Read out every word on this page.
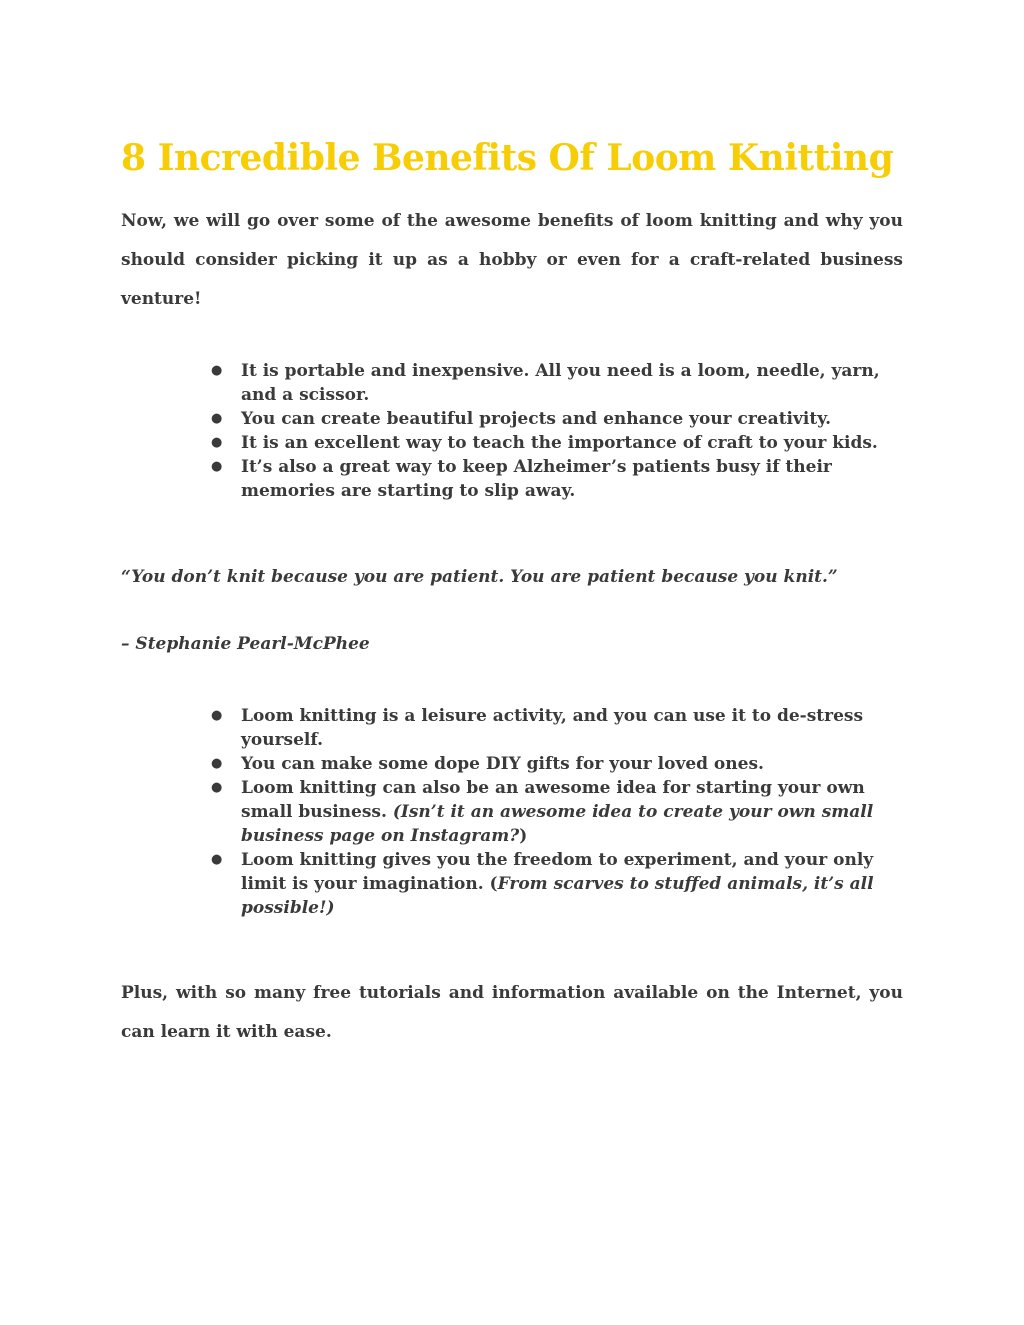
8 Incredible Benefits Of Loom Knitting

Now, we will go over some of the awesome benefits of loom knitting and why you should consider picking it up as a hobby or even for a craft-related business venture!

● It is portable and inexpensive. All you need is a loom, needle, yarn, and a scissor.
● You can create beautiful projects and enhance your creativity.
● It is an excellent way to teach the importance of craft to your kids.
● It’s also a great way to keep Alzheimer’s patients busy if their memories are starting to slip away.

“You don’t knit because you are patient. You are patient because you knit.”

– Stephanie Pearl-McPhee

● Loom knitting is a leisure activity, and you can use it to de-stress yourself.
● You can make some dope DIY gifts for your loved ones.
● Loom knitting can also be an awesome idea for starting your own small business. (Isn’t it an awesome idea to create your own small business page on Instagram?)
● Loom knitting gives you the freedom to experiment, and your only limit is your imagination. (From scarves to stuffed animals, it’s all possible!)

Plus, with so many free tutorials and information available on the Internet, you can learn it with ease.
